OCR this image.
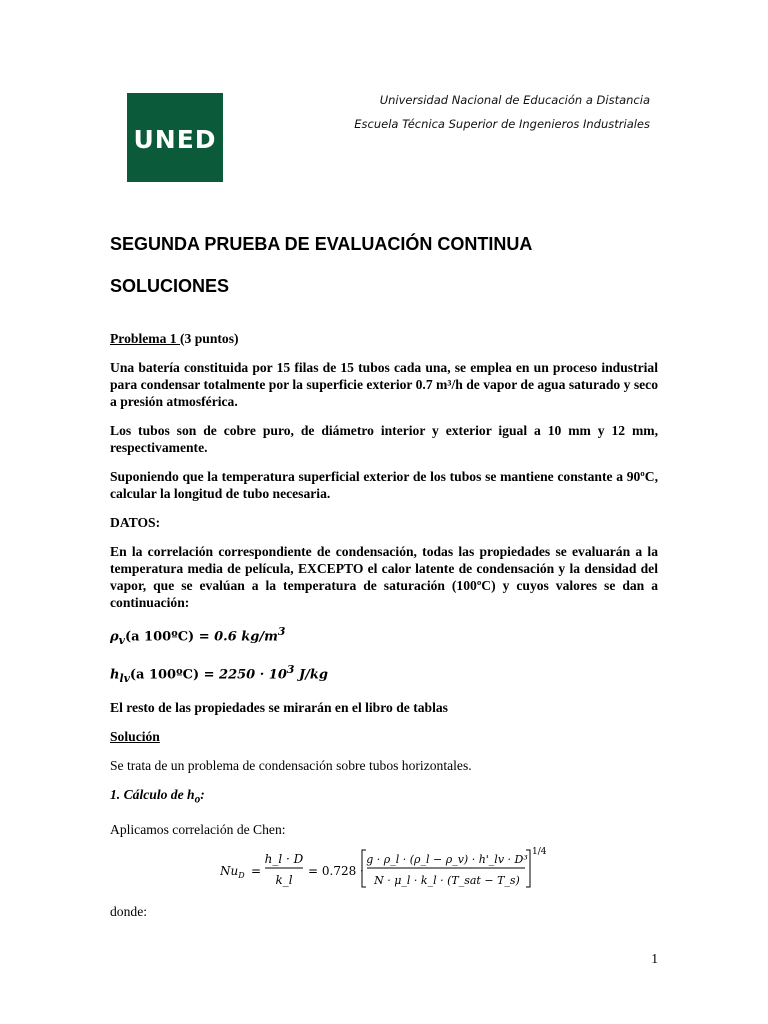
UNED
Universidad Nacional de Educación a Distancia
Escuela Técnica Superior de Ingenieros Industriales
SEGUNDA PRUEBA DE EVALUACIÓN CONTINUA
SOLUCIONES

Problema 1 (3 puntos)

Una batería constituida por 15 filas de 15 tubos cada una, se emplea en un proceso industrial para condensar totalmente por la superficie exterior 0.7 m³/h de vapor de agua saturado y seco a presión atmosférica.

Los tubos son de cobre puro, de diámetro interior y exterior igual a 10 mm y 12 mm, respectivamente.

Suponiendo que la temperatura superficial exterior de los tubos se mantiene constante a 90ºC, calcular la longitud de tubo necesaria.

DATOS:

En la correlación correspondiente de condensación, todas las propiedades se evaluarán a la temperatura media de película, EXCEPTO el calor latente de condensación y la densidad del vapor, que se evalúan a la temperatura de saturación (100ºC) y cuyos valores se dan a continuación:

$\rho_v(a$ 100ºC) = 0.6 $kg/m^3$
$h_{lv}(a$ 100ºC) = $2250 \cdot 10^3$ J/kg

El resto de las propiedades se mirarán en el libro de tablas

Solución

Se trata de un problema de condensación sobre tubos horizontales.

1. Cálculo de $h_o$:

Aplicamos correlación de Chen:

$Nu_D$ =
h_l · D
k_l
= 0.728 ·
g · ρ_l · (ρ_l − ρ_v) · h'_lv · D³
N · μ_l · k_l · (T_sat − T_s)
1/4

donde:

1
